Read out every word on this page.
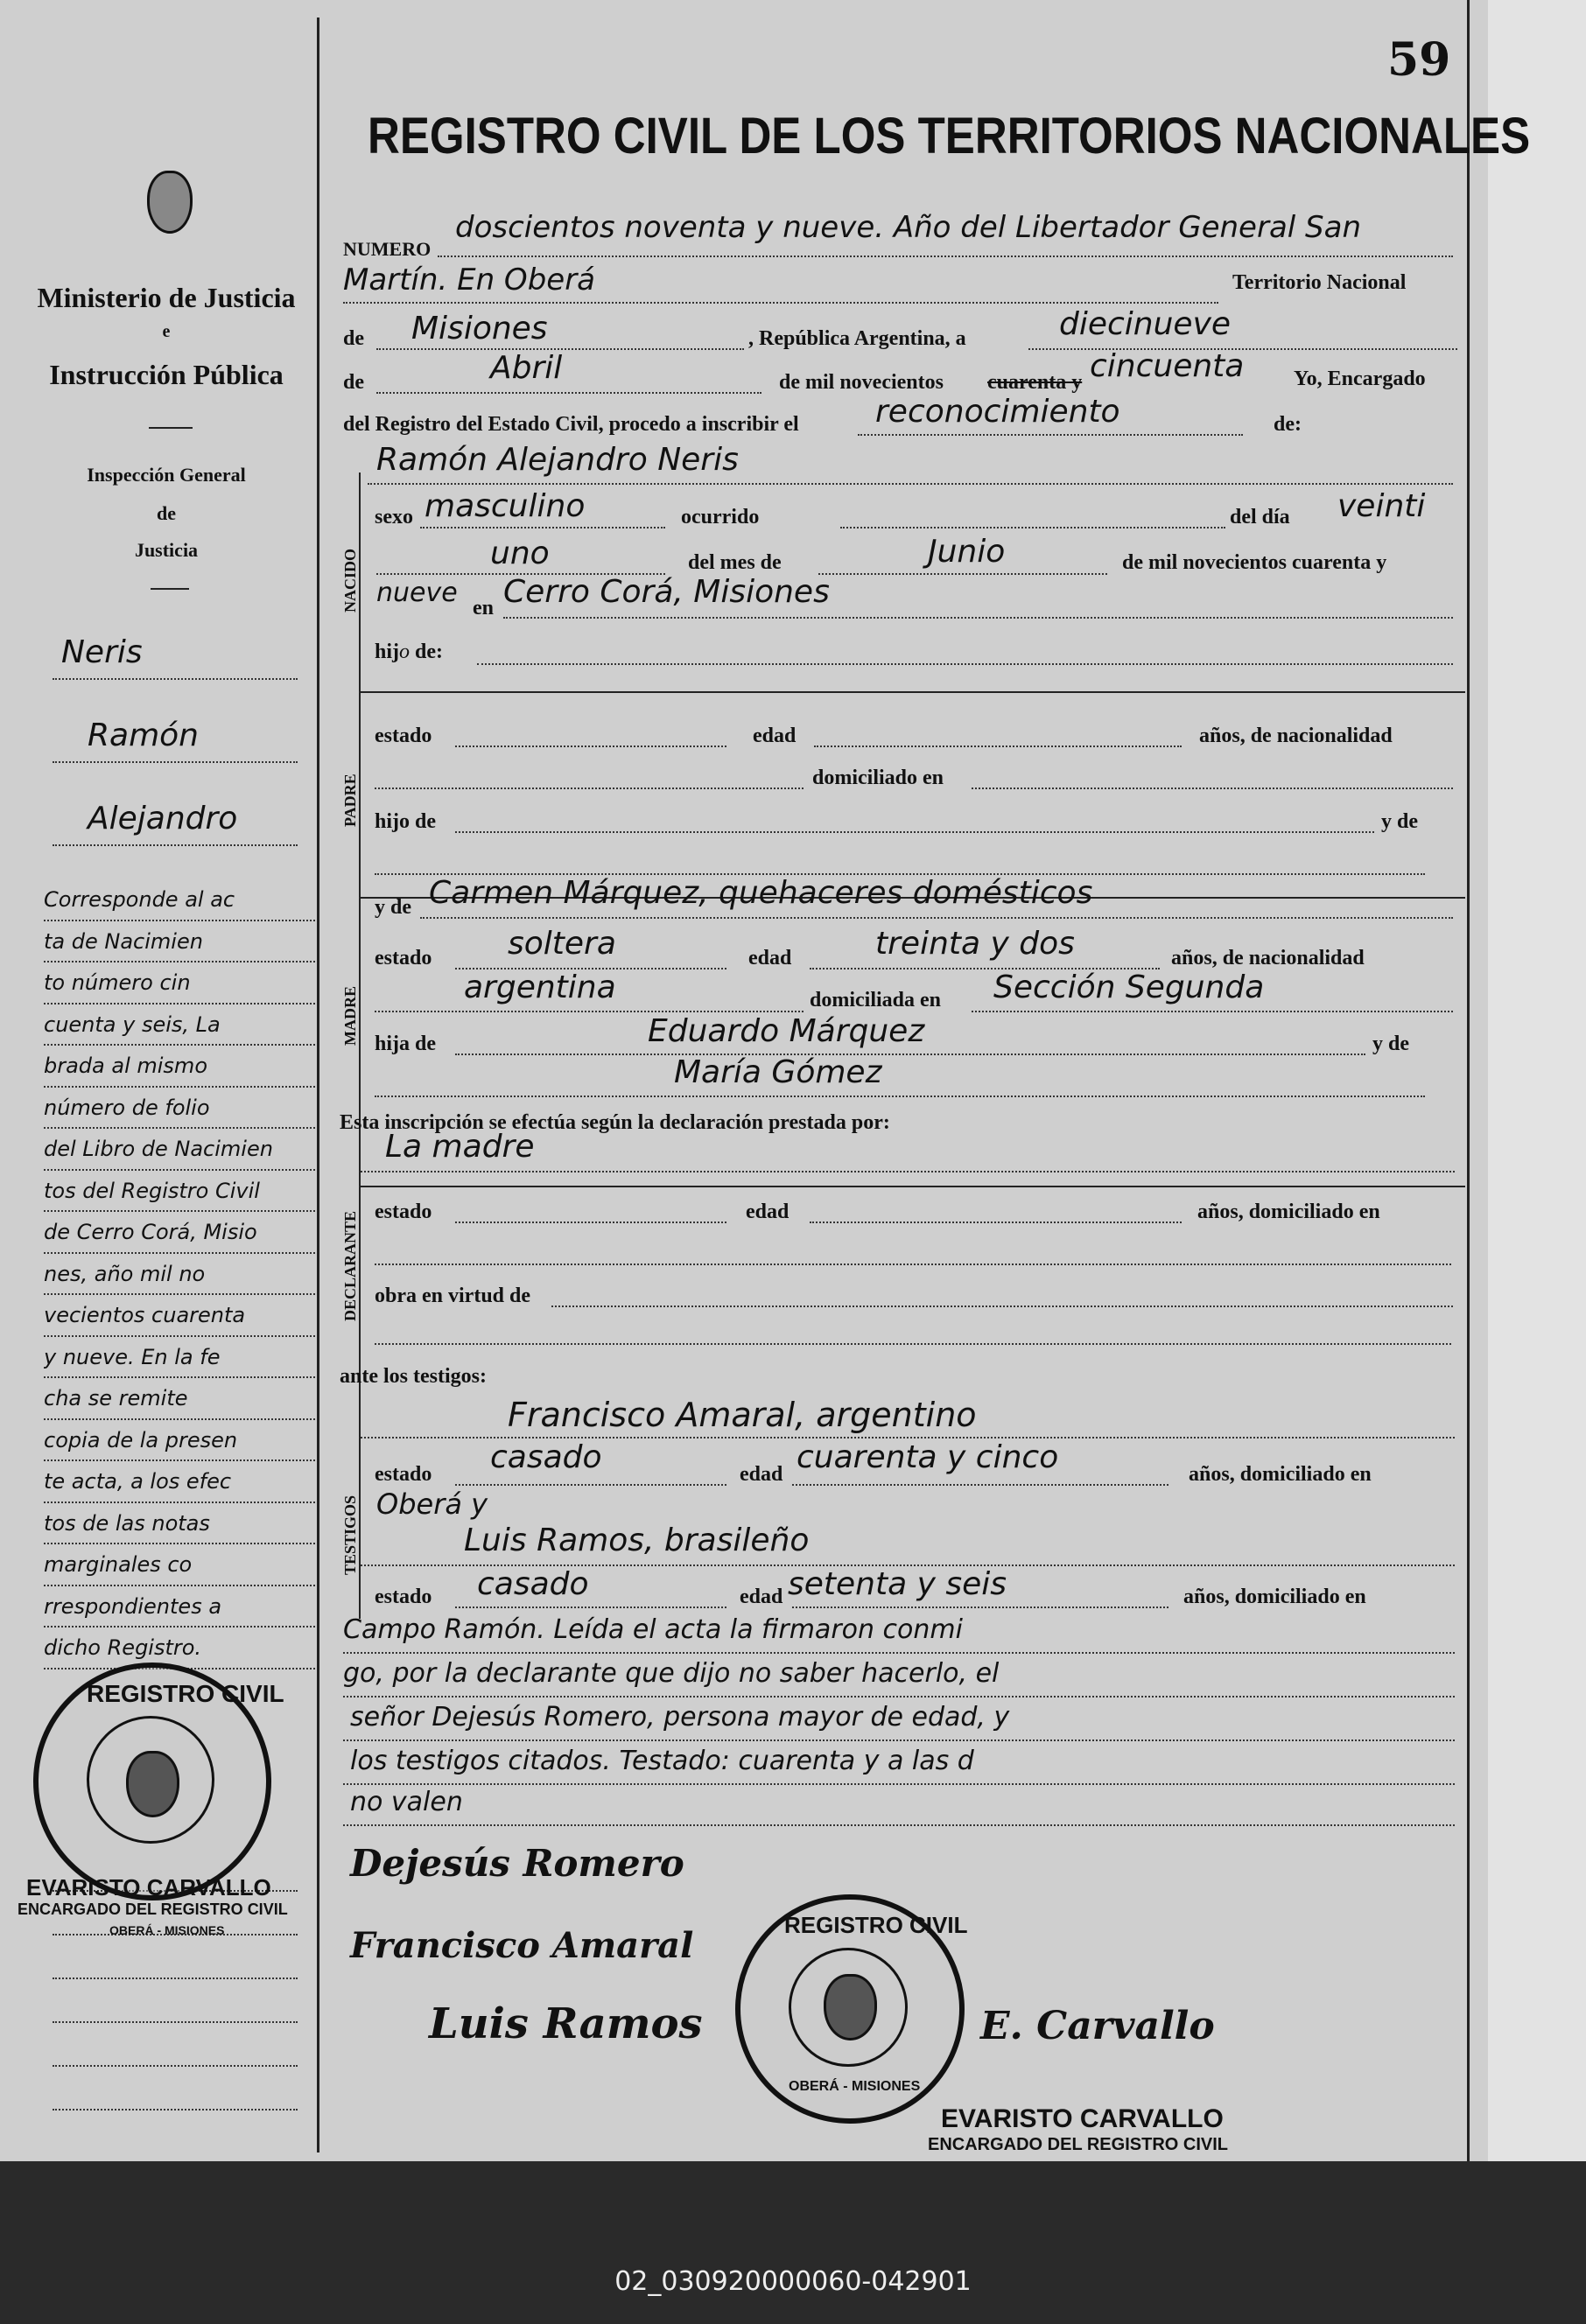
59
REGISTRO CIVIL DE LOS TERRITORIOS NACIONALES
Ministerio de Justicia
e
Instrucción Pública
Inspección General
de
Justicia
Neris
Ramón
Alejandro
Corresponde al ac
ta de Nacimien
to número cin
cuenta y seis, La
brada al mismo
número de folio
del Libro de Nacimien
tos del Registro Civil
de Cerro Corá, Misio
nes, año mil no
vecientos cuarenta
y nueve. En la fe
cha se remite
copia de la presen
te acta, a los efec
tos de las notas
marginales co
rrespondientes a
dicho Registro.
NUMERO
doscientos noventa y nueve. Año del Libertador General San
Martín. En Oberá	Territorio Nacional
de Misiones	, República Argentina, a	diecinueve
de	Abril	de mil novecientos cuarenta y cincuenta Yo, Encargado
del Registro del Estado Civil, procedo a inscribir el reconocimiento	de:
NACIDO
Ramón Alejandro Neris
sexo masculino	ocurrido	del día veinti
uno	del mes de	Junio	de mil novecientos cuarenta y
nueve en Cerro Corá, Misiones
hijo de:
PADRE
estado	edad	años, de nacionalidad
domiciliado en
hijo de	y de
MADRE
y de Carmen Márquez, quehaceres domésticos
estado soltera	edad	treinta y dos	años, de nacionalidad
argentina	domiciliada en Sección Segunda
hija de	Eduardo Márquez	y de
María Gómez
Esta inscripción se efectúa según la declaración prestada por:
La madre
DECLARANTE estado	edad	años, domiciliado en
obra en virtud de
ante los testigos:
Francisco Amaral, argentino
TESTIGOS
estado casado	edad cuarenta y cinco	años, domiciliado en
Oberá y
Luis Ramos, brasileño
estado casado	edad setenta y seis	años, domiciliado en
Campo Ramón. Leída el acta la firmaron conmi
go, por la declarante que dijo no saber hacerlo, el
señor Dejesús Romero, persona mayor de edad, y
los testigos citados. Testado: cuarenta y a las d
no valen
Dejesús Romero
Francisco Amaral
Luis Ramos	E. Carvallo
REGISTRO CIVIL
EVARISTO CARVALLO
ENCARGADO DEL REGISTRO CIVIL
OBERÁ - MISIONES	REGISTRO CIVIL
OBERÁ - MISIONES
EVARISTO CARVALLO
ENCARGADO DEL REGISTRO CIVIL
02_030920000060-042901
